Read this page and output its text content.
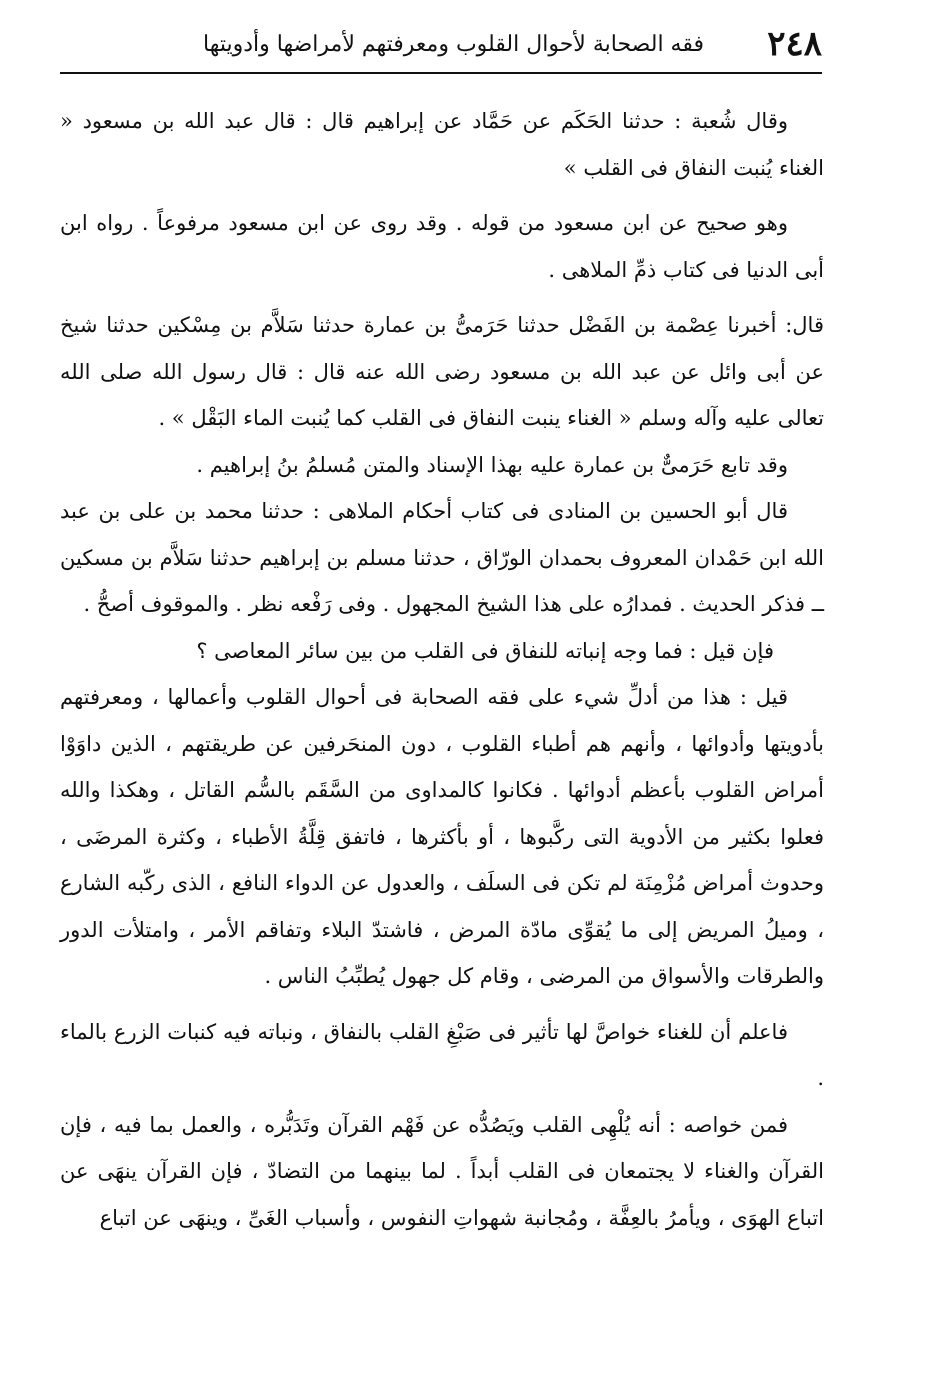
٢٤٨
فقه الصحابة لأحوال القلوب ومعرفتهم لأمراضها وأدويتها

وقال شُعبة : حدثنا الحَكَم عن حَمَّاد عن إبراهيم قال : قال عبد الله بن مسعود « الغناء يُنبت النفاق فى القلب »

وهو صحيح عن ابن مسعود من قوله . وقد روى عن ابن مسعود مرفوعاً . رواه ابن أبى الدنيا فى كتاب ذمِّ الملاهى .

قال: أخبرنا عِصْمة بن الفَضْل حدثنا حَرَمىُّ بن عمارة حدثنا سَلاَّم بن مِسْكين حدثنا شيخ عن أبى وائل عن عبد الله بن مسعود رضى الله عنه قال : قال رسول الله صلى الله تعالى عليه وآله وسلم « الغناء ينبت النفاق فى القلب كما يُنبت الماء البَقْل » .

وقد تابع حَرَمىٌّ بن عمارة عليه بهذا الإسناد والمتن مُسلمُ بنُ إبراهيم .

قال أبو الحسين بن المنادى فى كتاب أحكام الملاهى : حدثنا محمد بن على بن عبد الله ابن حَمْدان المعروف بحمدان الورّاق ، حدثنا مسلم بن إبراهيم حدثنا سَلاَّم بن مسكين ــ فذكر الحديث . فمدارُه على هذا الشيخ المجهول . وفى رَفْعه نظر . والموقوف أصحُّ .

فإن قيل : فما وجه إنباته للنفاق فى القلب من بين سائر المعاصى ؟

قيل : هذا من أدلِّ شيء على فقه الصحابة فى أحوال القلوب وأعمالها ، ومعرفتهم بأدويتها وأدوائها ، وأنهم هم أطباء القلوب ، دون المنحَرفين عن طريقتهم ، الذين داوَوْا أمراض القلوب بأعظم أدوائها . فكانوا كالمداوى من السَّقَم بالسُّم القاتل ، وهكذا والله فعلوا بكثير من الأدوية التى ركَّبوها ، أو بأكثرها ، فاتفق قِلَّةُ الأطباء ، وكثرة المرضَى ، وحدوث أمراض مُزْمِنَة لم تكن فى السلَف ، والعدول عن الدواء النافع ، الذى ركّبه الشارع ، وميلُ المريض إلى ما يُقوِّى مادّة المرض ، فاشتدّ البلاء وتفاقم الأمر ، وامتلأت الدور والطرقات والأسواق من المرضى ، وقام كل جهول يُطبِّبُ الناس .

فاعلم أن للغناء خواصَّ لها تأثير فى صَبْغِ القلب بالنفاق ، ونباته فيه كنبات الزرع بالماء .

فمن خواصه : أنه يُلْهِى القلب ويَصُدُّه عن فَهْم القرآن وتَدَبُّره ، والعمل بما فيه ، فإن القرآن والغناء لا يجتمعان فى القلب أبداً . لما بينهما من التضادّ ، فإن القرآن ينهَى عن اتباع الهوَى ، ويأمرُ بالعِفَّة ، ومُجانبة شهواتِ النفوس ، وأسباب الغَىِّ ، وينهَى عن اتباع
